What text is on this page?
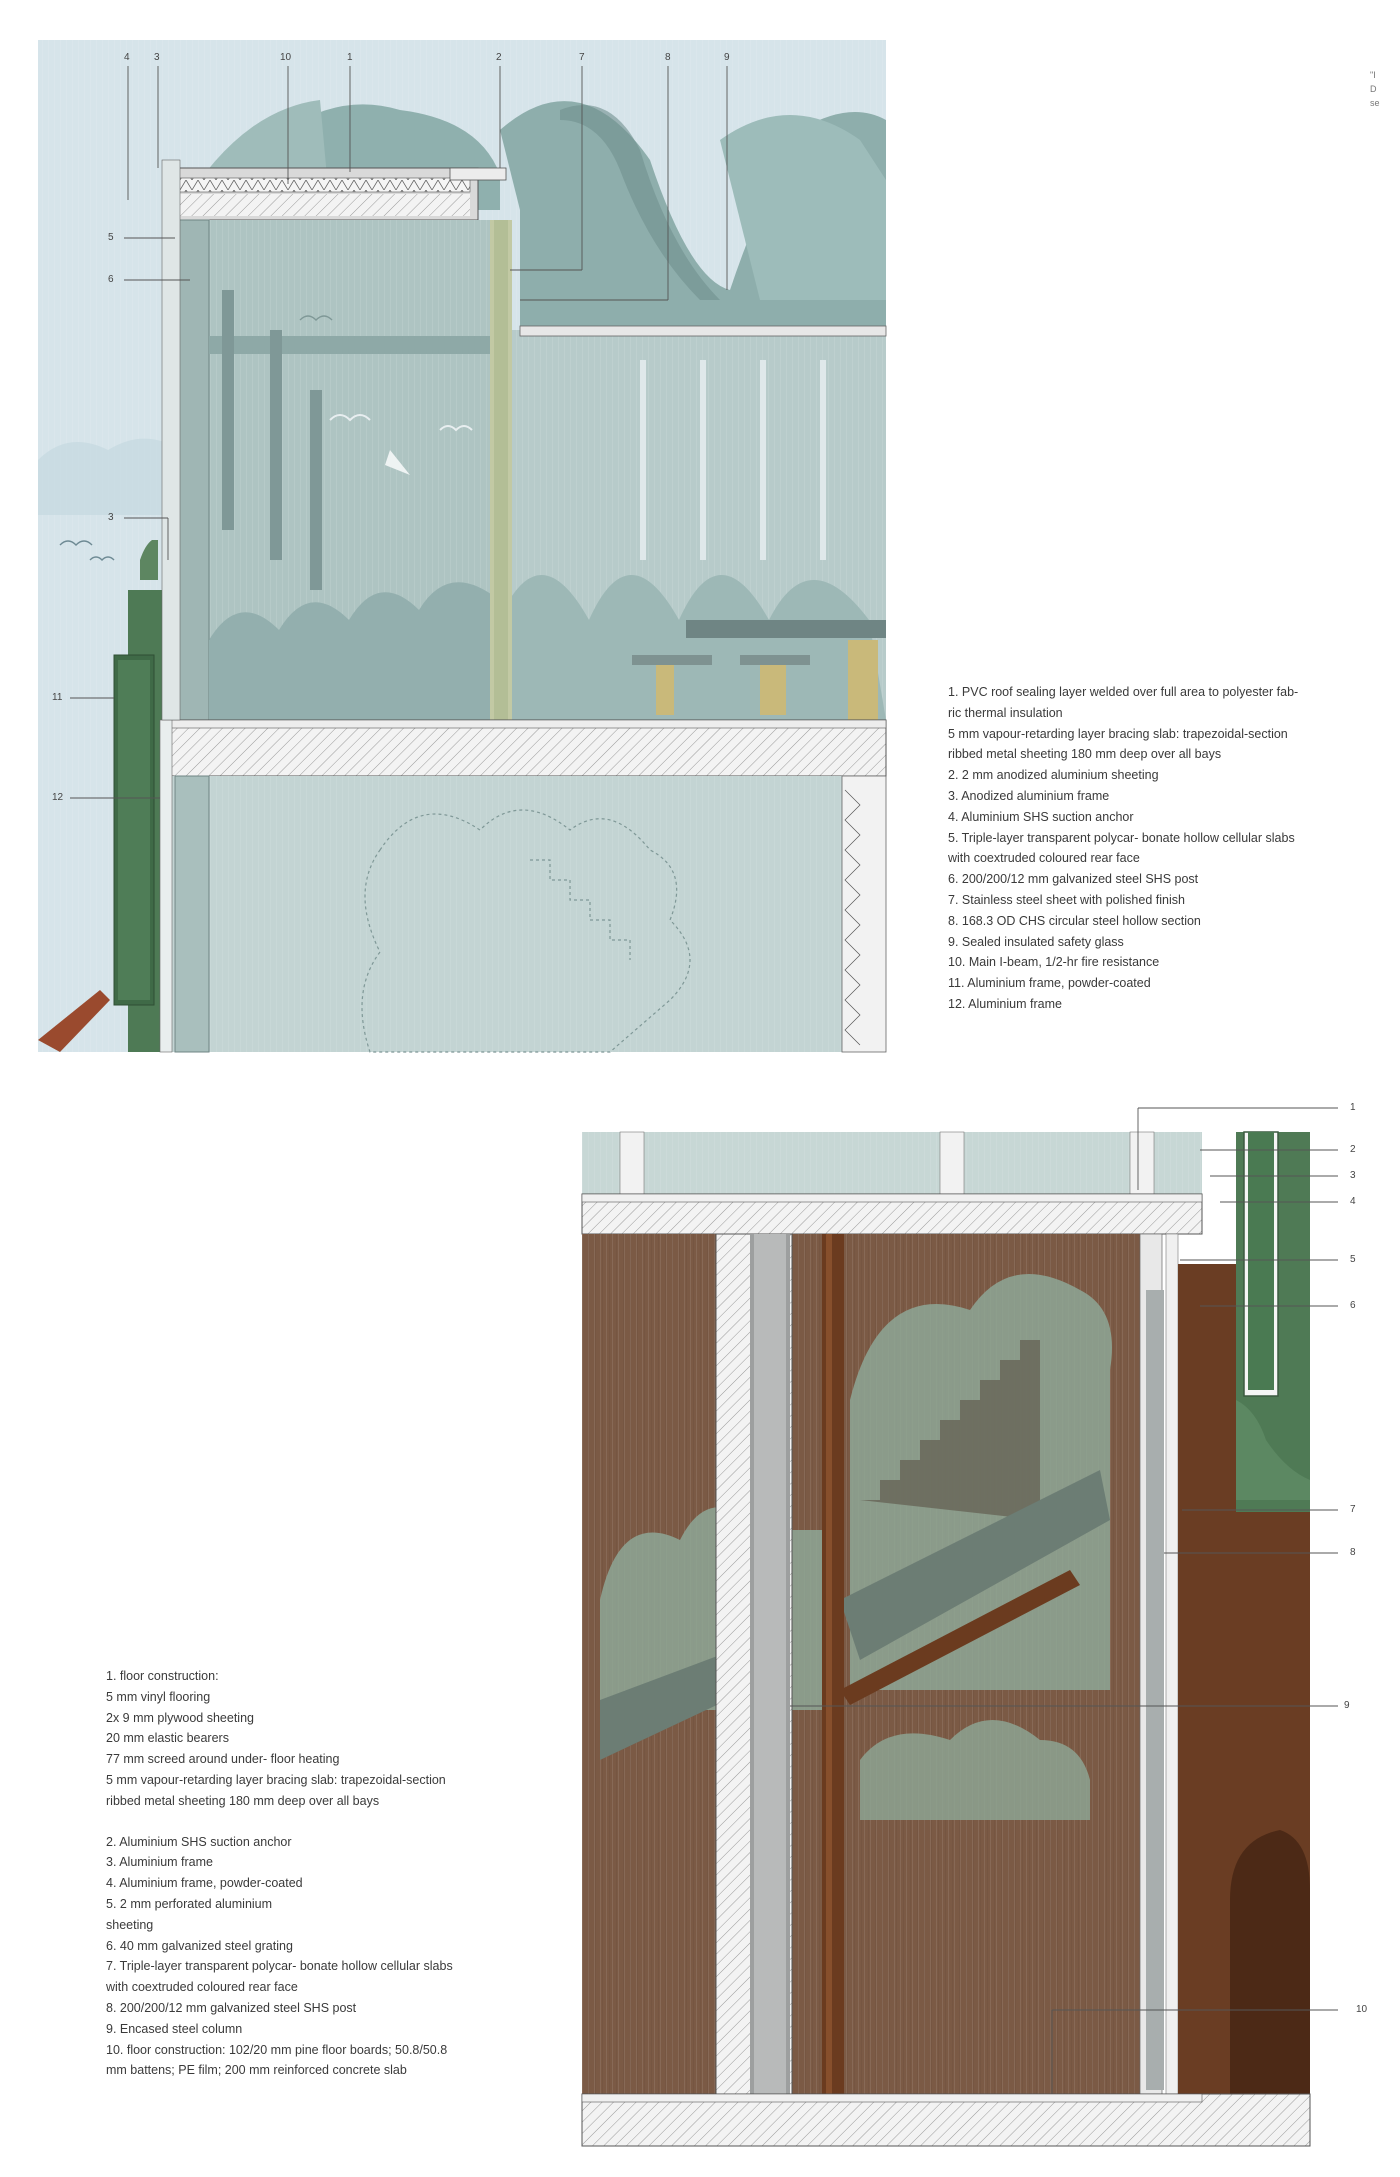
4 3	10	1	2	7	8	9
5
6
3
11
12
1
2
3
4
5
6
7
8
9
10
1. PVC roof sealing layer welded over full area to polyester fab-
ric thermal insulation
5 mm vapour-retarding layer bracing slab: trapezoidal-section
ribbed metal sheeting 180 mm deep over all bays
2. 2 mm anodized aluminium sheeting
3. Anodized aluminium frame
4. Aluminium SHS suction anchor
5. Triple-layer transparent polycar- bonate hollow cellular slabs
with coextruded coloured rear face
6. 200/200/12 mm galvanized steel SHS post
7. Stainless steel sheet with polished finish
8. 168.3 OD CHS circular steel hollow section
9. Sealed insulated safety glass
10. Main I-beam, 1/2-hr fire resistance
11. Aluminium frame, powder-coated
12. Aluminium frame
1. floor construction:
5 mm vinyl flooring
2x 9 mm plywood sheeting
20 mm elastic bearers
77 mm screed around under- floor heating
5 mm vapour-retarding layer bracing slab: trapezoidal-section
ribbed metal sheeting 180 mm deep over all bays
2. Aluminium SHS suction anchor
3. Aluminium frame
4. Aluminium frame, powder-coated
5. 2 mm perforated aluminium
sheeting
6. 40 mm galvanized steel grating
7. Triple-layer transparent polycar- bonate hollow cellular slabs
with coextruded coloured rear face
8. 200/200/12 mm galvanized steel SHS post
9. Encased steel column
10. floor construction: 102/20 mm pine floor boards; 50.8/50.8
mm battens; PE film; 200 mm reinforced concrete slab
"I
D
se
